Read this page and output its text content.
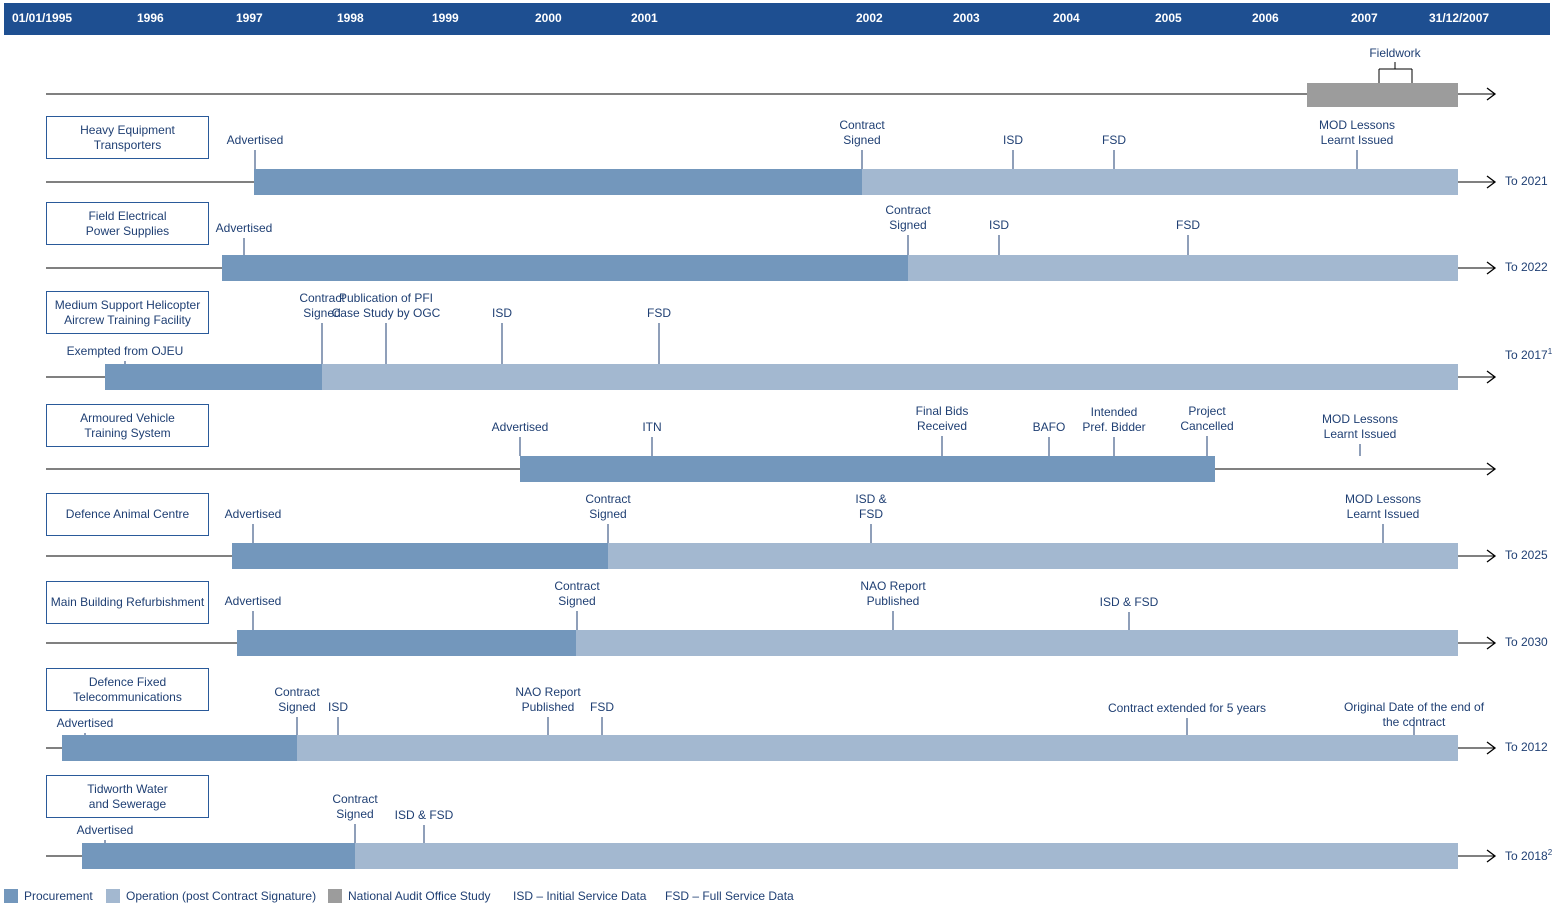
01/01/1995	1996	1997	1998	1999	2000	2001	2002	2003	2004	2005	2006	2007	31/12/2007
Fieldwork
Heavy Equipment
Transporters
To 2021
Advertised
Contract
Signed	ISD	FSD
MOD Lessons
Learnt Issued
Field Electrical
Power Supplies
To 2022
Advertised
Contract
Signed	ISD	FSD
Medium Support Helicopter
Aircrew Training Facility
To 2017$^1$
Exempted from OJEU
Contract
Signed
Publication of PFI
Case Study by OGC	ISD	FSD
Armoured Vehicle
Training System	Advertised	ITN
Final Bids
Received	BAFO
Intended
Pref. Bidder
Project
Cancelled	MOD Lessons
Learnt Issued
Defence Animal Centre
To 2025
Advertised
Contract
Signed
ISD &
FSD
MOD Lessons
Learnt Issued
Main Building Refurbishment
To 2030
Advertised
Contract
Signed
NAO Report
Published	ISD & FSD
Defence Fixed
Telecommunications
To 2012
Advertised
Contract
Signed	ISD
NAO Report
Published	FSD	Contract extended for 5 years	Original Date of the end of the contract
Tidworth Water
and Sewerage
To 2018$^2$
Advertised
Contract
Signed	ISD & FSD
Procurement	Operation (post Contract Signature)	National Audit Office Study ISD – Initial Service Data FSD – Full Service Data
